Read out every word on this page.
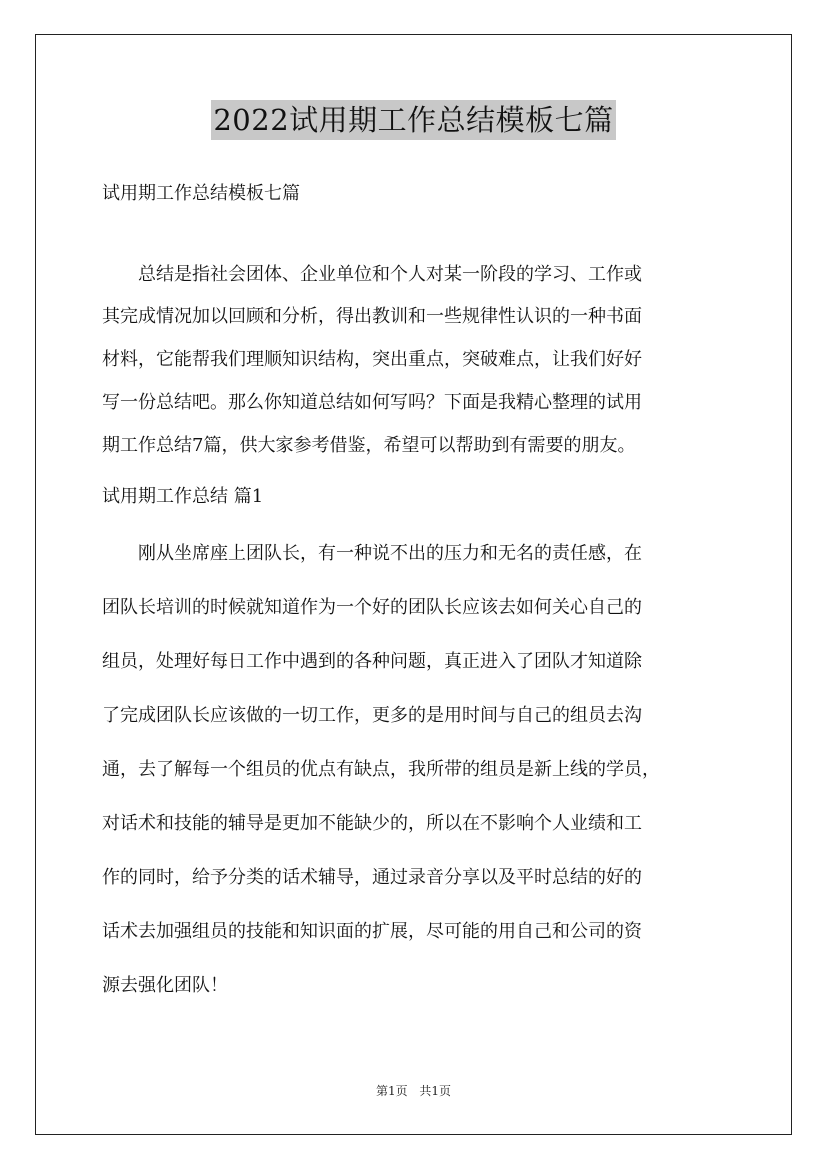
2022试用期工作总结模板七篇

试用期工作总结模板七篇

　　总结是指社会团体、企业单位和个人对某一阶段的学习、工作或

其完成情况加以回顾和分析，得出教训和一些规律性认识的一种书面

材料，它能帮我们理顺知识结构，突出重点，突破难点，让我们好好

写一份总结吧。那么你知道总结如何写吗？下面是我精心整理的试用

期工作总结7篇，供大家参考借鉴，希望可以帮助到有需要的朋友。

试用期工作总结 篇1

　　刚从坐席座上团队长，有一种说不出的压力和无名的责任感，在

团队长培训的时候就知道作为一个好的团队长应该去如何关心自己的

组员，处理好每日工作中遇到的各种问题，真正进入了团队才知道除

了完成团队长应该做的一切工作，更多的是用时间与自己的组员去沟

通，去了解每一个组员的优点有缺点，我所带的组员是新上线的学员，

对话术和技能的辅导是更加不能缺少的，所以在不影响个人业绩和工

作的同时，给予分类的话术辅导，通过录音分享以及平时总结的好的

话术去加强组员的技能和知识面的扩展，尽可能的用自己和公司的资

源去强化团队！

第1页 共1页
